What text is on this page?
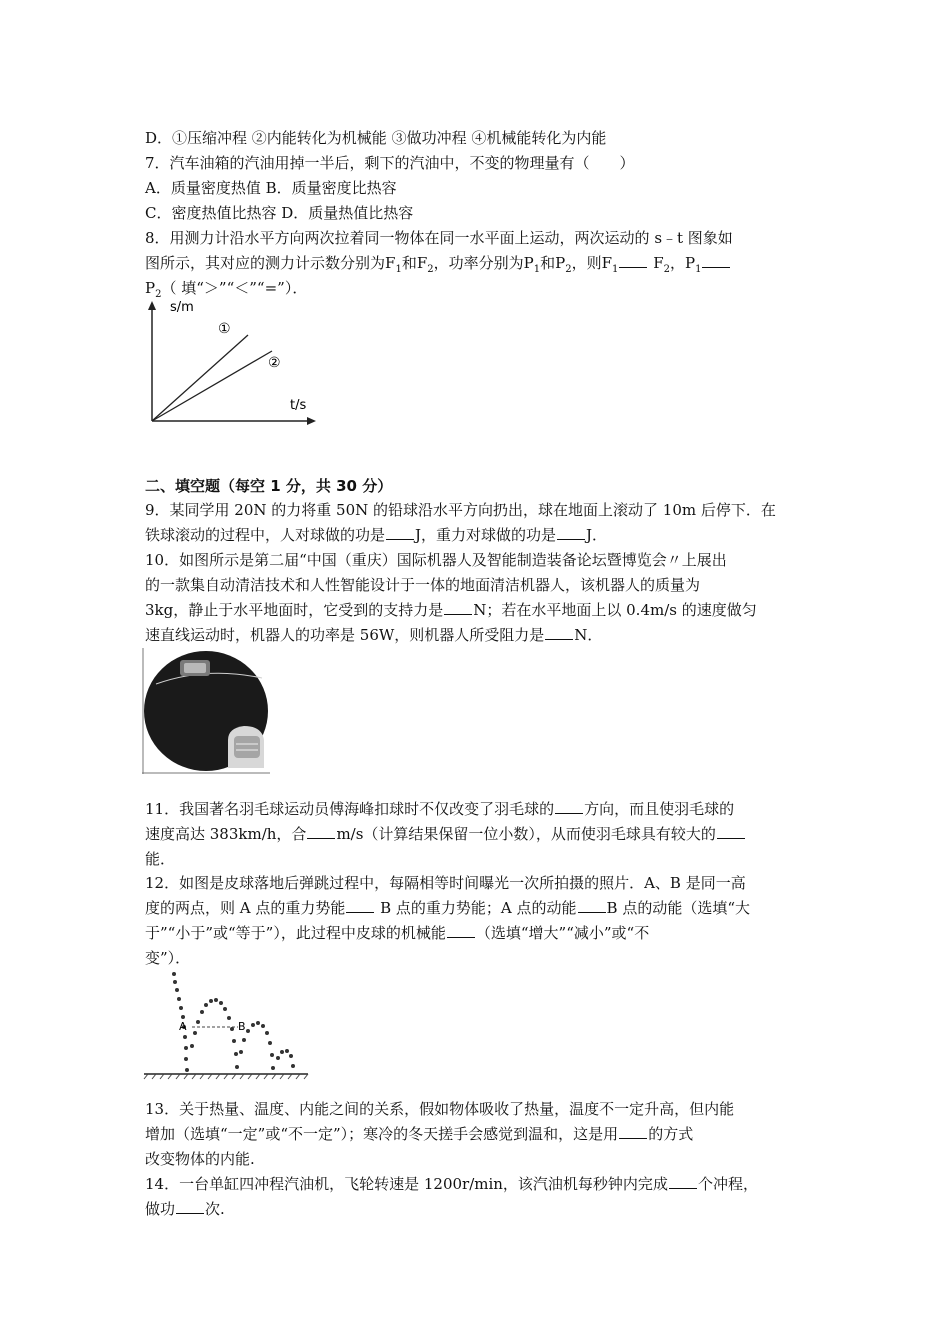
D．①压缩冲程 ②内能转化为机械能 ③做功冲程 ④机械能转化为内能
7．汽车油箱的汽油用掉一半后，剩下的汽油中，不变的物理量有（　　）
A．质量密度热值 B．质量密度比热容
C．密度热值比热容 D．质量热值比热容
8．用测力计沿水平方向两次拉着同一物体在同一水平面上运动，两次运动的 s﹣t 图象如
图所示，其对应的测力计示数分别为$F_1$和$F_2$，功率分别为$P_1$和$P_2$，则$F_1$ $F_2$，$P_1$
$P_2$（ 填“＞”“＜”“=”）．
s/m
t/s
①
②
二、填空题（每空 1 分，共 30 分）
9．某同学用 20N 的力将重 50N 的铅球沿水平方向扔出，球在地面上滚动了 10m 后停下．在
铁球滚动的过程中，人对球做的功是 J，重力对球做的功是 J．
10．如图所示是第二届“中国（重庆）国际机器人及智能制造装备论坛暨博览会〃上展出
的一款集自动清洁技术和人性智能设计于一体的地面清洁机器人，该机器人的质量为
3kg，静止于水平地面时，它受到的支持力是 N；若在水平地面上以 0.4m/s 的速度做匀
速直线运动时，机器人的功率是 56W，则机器人所受阻力是 N．
11．我国著名羽毛球运动员傅海峰扣球时不仅改变了羽毛球的 方向，而且使羽毛球的
速度高达 383km/h，合 m/s（计算结果保留一位小数），从而使羽毛球具有较大的
能．
12．如图是皮球落地后弹跳过程中，每隔相等时间曝光一次所拍摄的照片．A、B 是同一高
度的两点，则 A 点的重力势能 B 点的重力势能；A 点的动能 B 点的动能（选填“大
于”“小于”或“等于”），此过程中皮球的机械能 （选填“增大”“减小”或“不
变”）．
A	B
13．关于热量、温度、内能之间的关系，假如物体吸收了热量，温度不一定升高，但内能
增加（选填“一定”或“不一定”）；寒冷的冬天搓手会感觉到温和，这是用 的方式
改变物体的内能.
14．一台单缸四冲程汽油机，飞轮转速是 1200r/min，该汽油机每秒钟内完成 个冲程，
做功 次.
